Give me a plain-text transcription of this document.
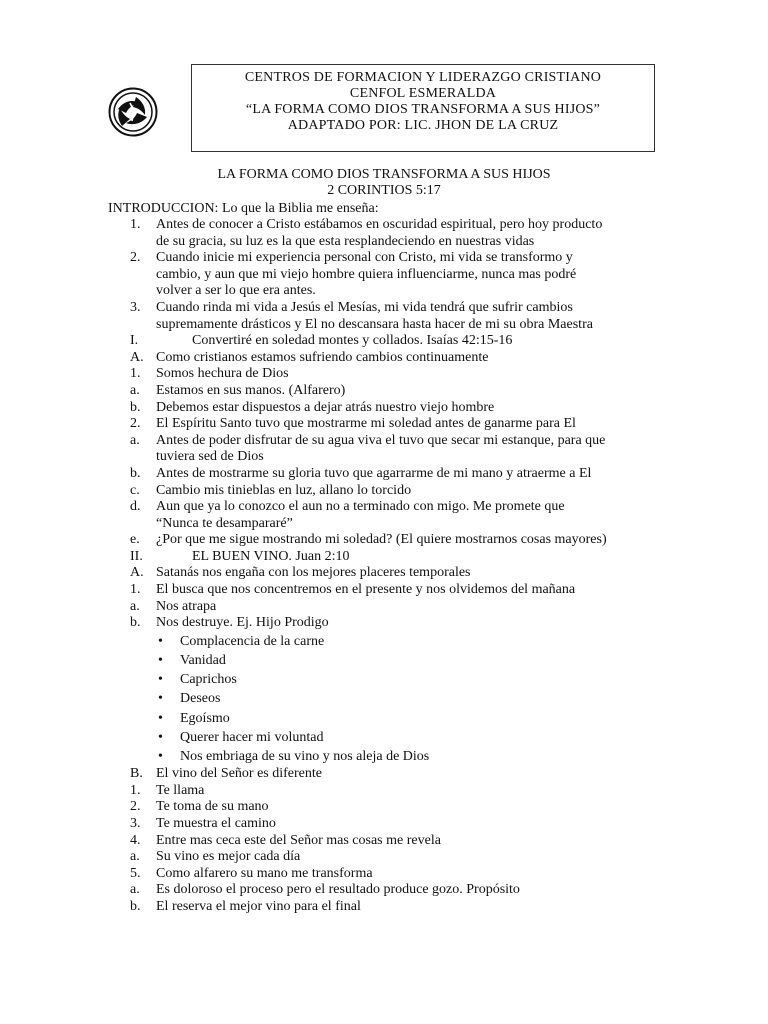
CENTROS DE FORMACION Y LIDERAZGO CRISTIANO
CENFOL ESMERALDA
“LA FORMA COMO DIOS TRANSFORMA A SUS HIJOS”
ADAPTADO POR: LIC. JHON DE LA CRUZ
LA FORMA COMO DIOS TRANSFORMA A SUS HIJOS
2 CORINTIOS 5:17
INTRODUCCION: Lo que la Biblia me enseña:
1.	Antes de conocer a Cristo estábamos en oscuridad espiritual, pero hoy producto
de su gracia, su luz es la que esta resplandeciendo en nuestras vidas
2.	Cuando inicie mi experiencia personal con Cristo, mi vida se transformo y
cambio, y aun que mi viejo hombre quiera influenciarme, nunca mas podré
volver a ser lo que era antes.
3.	Cuando rinda mi vida a Jesús el Mesías, mi vida tendrá que sufrir cambios
supremamente drásticos y El no descansara hasta hacer de mi su obra Maestra
I.	Convertiré en soledad montes y collados. Isaías 42:15-16
A. Como cristianos estamos sufriendo cambios continuamente
1.	Somos hechura de Dios
a.	Estamos en sus manos. (Alfarero)
b.	Debemos estar dispuestos a dejar atrás nuestro viejo hombre
2.	El Espíritu Santo tuvo que mostrarme mi soledad antes de ganarme para El
a.	Antes de poder disfrutar de su agua viva el tuvo que secar mi estanque, para que
tuviera sed de Dios
b.	Antes de mostrarme su gloria tuvo que agarrarme de mi mano y atraerme a El
c.	Cambio mis tinieblas en luz, allano lo torcido
d.	Aun que ya lo conozco el aun no a terminado con migo. Me promete que
“Nunca te desampararé”
e.	¿Por que me sigue mostrando mi soledad? (El quiere mostrarnos cosas mayores)
II.	EL BUEN VINO. Juan 2:10
A. Satanás nos engaña con los mejores placeres temporales
1.	El busca que nos concentremos en el presente y nos olvidemos del mañana
a.	Nos atrapa
b.	Nos destruye. Ej. Hijo Prodigo
•	Complacencia de la carne
•	Vanidad
•	Caprichos
•	Deseos
•	Egoísmo
•	Querer hacer mi voluntad
•	Nos embriaga de su vino y nos aleja de Dios
B. El vino del Señor es diferente
1.	Te llama
2.	Te toma de su mano
3.	Te muestra el camino
4.	Entre mas ceca este del Señor mas cosas me revela
a.	Su vino es mejor cada día
5.	Como alfarero su mano me transforma
a.	Es doloroso el proceso pero el resultado produce gozo. Propósito
b.	El reserva el mejor vino para el final
